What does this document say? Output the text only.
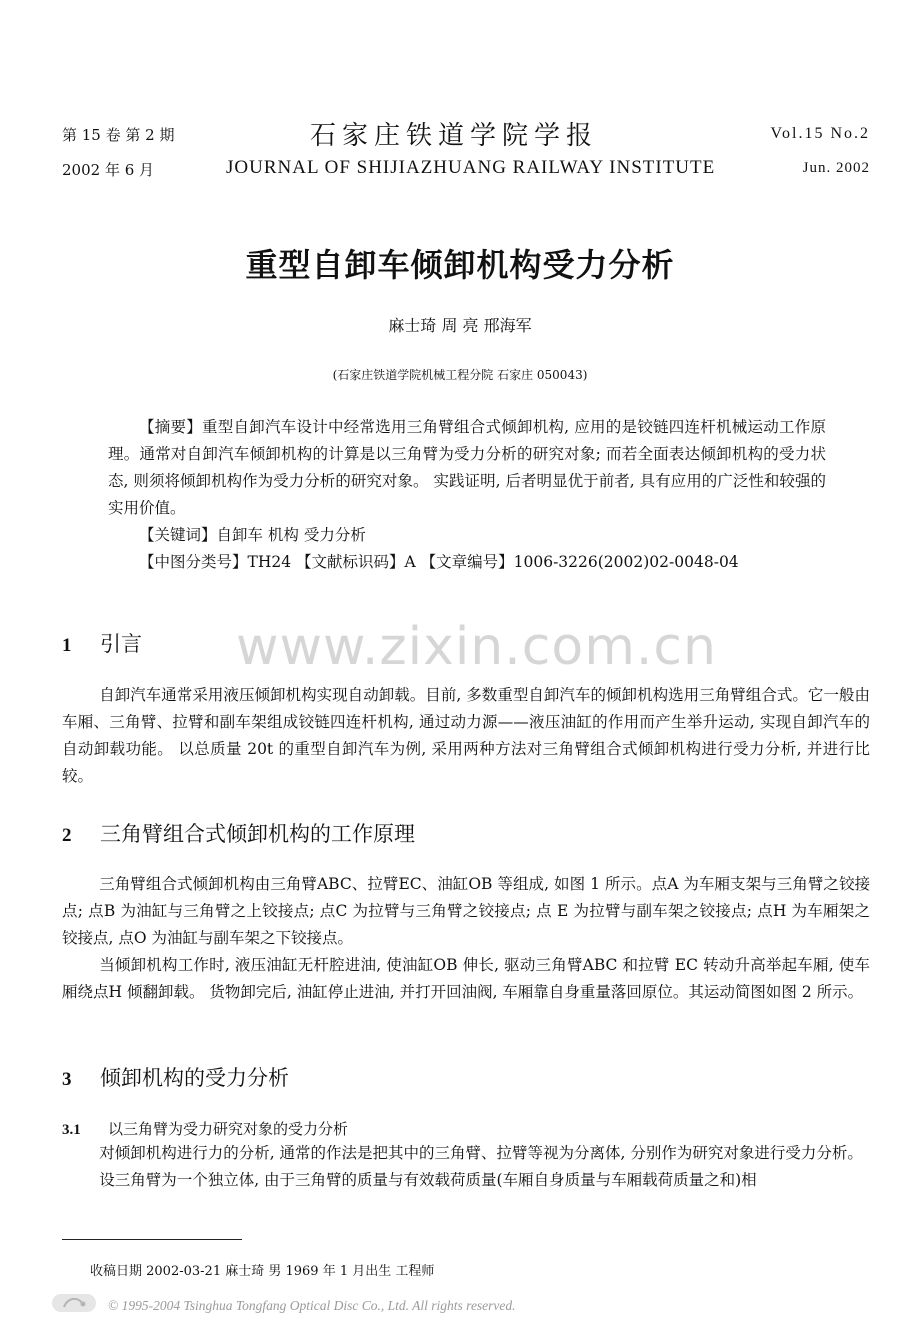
第 15 卷 第 2 期
2002 年 6 月
石家庄铁道学院学报
JOURNAL OF SHIJIAZHUANG RAILWAY INSTITUTE
Vol.15 No.2
Jun. 2002
www.zixin.com.cn
重型自卸车倾卸机构受力分析
麻士琦 周 亮 邢海军
(石家庄铁道学院机械工程分院 石家庄 050043)

【摘要】重型自卸汽车设计中经常选用三角臂组合式倾卸机构, 应用的是铰链四连杆机械运动工作原理。通常对自卸汽车倾卸机构的计算是以三角臂为受力分析的研究对象; 而若全面表达倾卸机构的受力状态, 则须将倾卸机构作为受力分析的研究对象。 实践证明, 后者明显优于前者, 具有应用的广泛性和较强的实用价值。

【关键词】自卸车 机构 受力分析

【中图分类号】TH24 【文献标识码】A 【文章编号】1006-3226(2002)02-0048-04

1 引言

自卸汽车通常采用液压倾卸机构实现自动卸载。目前, 多数重型自卸汽车的倾卸机构选用三角臂组合式。它一般由车厢、三角臂、拉臂和副车架组成铰链四连杆机构, 通过动力源——液压油缸的作用而产生举升运动, 实现自卸汽车的自动卸载功能。 以总质量 20t 的重型自卸汽车为例, 采用两种方法对三角臂组合式倾卸机构进行受力分析, 并进行比较。

2 三角臂组合式倾卸机构的工作原理

三角臂组合式倾卸机构由三角臂ABC、拉臂EC、油缸OB 等组成, 如图 1 所示。点A 为车厢支架与三角臂之铰接点; 点B 为油缸与三角臂之上铰接点; 点C 为拉臂与三角臂之铰接点; 点 E 为拉臂与副车架之铰接点; 点H 为车厢架之铰接点, 点O 为油缸与副车架之下铰接点。

当倾卸机构工作时, 液压油缸无杆腔进油, 使油缸OB 伸长, 驱动三角臂ABC 和拉臂 EC 转动升高举起车厢, 使车厢绕点H 倾翻卸载。 货物卸完后, 油缸停止进油, 并打开回油阀, 车厢靠自身重量落回原位。其运动简图如图 2 所示。

3 倾卸机构的受力分析
3.1 以三角臂为受力研究对象的受力分析

对倾卸机构进行力的分析, 通常的作法是把其中的三角臂、拉臂等视为分离体, 分别作为研究对象进行受力分析。

设三角臂为一个独立体, 由于三角臂的质量与有效载荷质量(车厢自身质量与车厢载荷质量之和)相

收稿日期 2002-03-21 麻士琦 男 1969 年 1 月出生 工程师
© 1995-2004 Tsinghua Tongfang Optical Disc Co., Ltd. All rights reserved.
